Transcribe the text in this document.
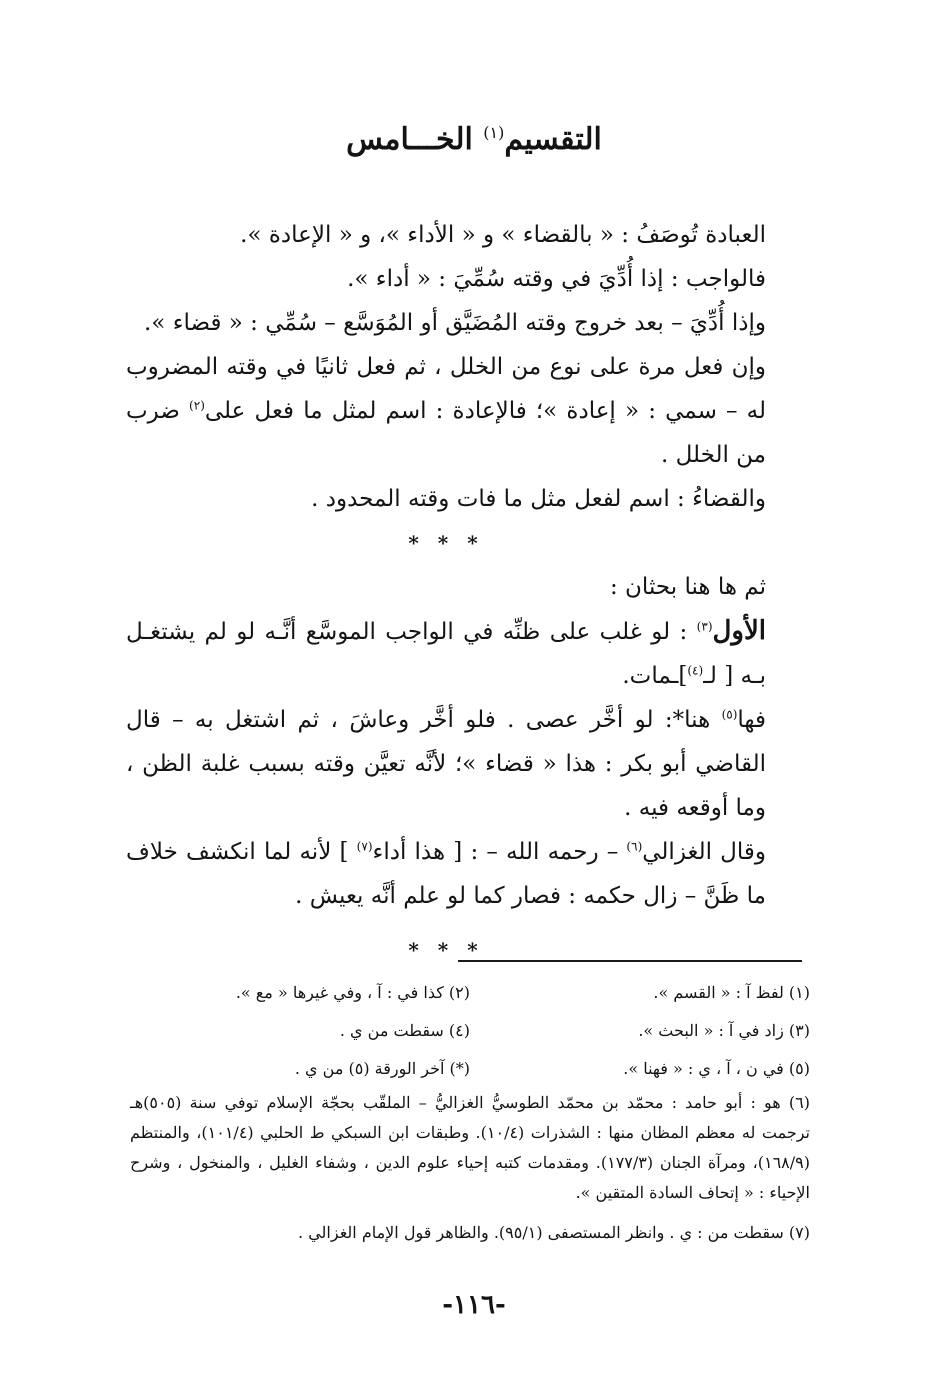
التقسيم$^{(١)}$ الخـــامس

العبادة تُوصَفُ : « بالقضاء » و « الأداء »، و « الإعادة ».

فالواجب : إذا أُدِّيَ في وقته سُمِّيَ : « أداء ».

وإذا أُدِّيَ – بعد خروج وقته المُضَيَّق أو المُوَسَّع – سُمِّي : « قضاء ».

وإن فعل مرة على نوع من الخلل ، ثم فعل ثانيًا في وقته المضروب له – سمي : « إعادة »؛ فالإعادة : اسم لمثل ما فعل على$^{(٢)}$ ضرب من الخلل .

والقضاءُ : اسم لفعل مثل ما فات وقته المحدود .

* * *

ثم ها هنا بحثان :

الأول$^{(٣)}$ : لو غلب على ظنِّه في الواجب الموسَّع أنَّـه لو لم يشتغـل بـه [ لـ$^{(٤)}$]ـمات.

فها$^{(٥)}$ هنا*: لو أخَّر عصى . فلو أخَّر وعاشَ ، ثم اشتغل به – قال القاضي أبو بكر : هذا « قضاء »؛ لأنَّه تعيَّن وقته بسبب غلبة الظن ، وما أوقعه فيه .

وقال الغزالي$^{(٦)}$ – رحمه الله – : [ هذا أداء$^{(٧)}$ ] لأنه لما انكشف خلاف ما ظَنَّ – زال حكمه : فصار كما لو علم أنَّه يعيش .

* * *
(١) لفظ آ : « القسم ».
(٢) كذا في : آ ، وفي غيرها « مع ».
(٣) زاد في آ : « البحث ».
(٤) سقطت من ي .
(٥) في ن ، آ ، ي : « فهنا ».
(*) آخر الورقة (٥) من ي .
(٦) هو : أبو حامد : محمّد بن محمّد الطوسيُّ الغزاليُّ – الملقّب بحجّة الإسلام توفي سنة (٥٠٥)هـ ترجمت له معظم المظان منها : الشذرات (١٠/٤). وطبقات ابن السبكي ط الحلبي (١٠١/٤)، والمنتظم (١٦٨/٩)، ومرآة الجنان (١٧٧/٣). ومقدمات كتبه إحياء علوم الدين ، وشفاء الغليل ، والمنخول ، وشرح الإحياء : « إتحاف السادة المتقين ».
(٧) سقطت من : ي . وانظر المستصفى (٩٥/١). والظاهر قول الإمام الغزالي .
-١١٦-
